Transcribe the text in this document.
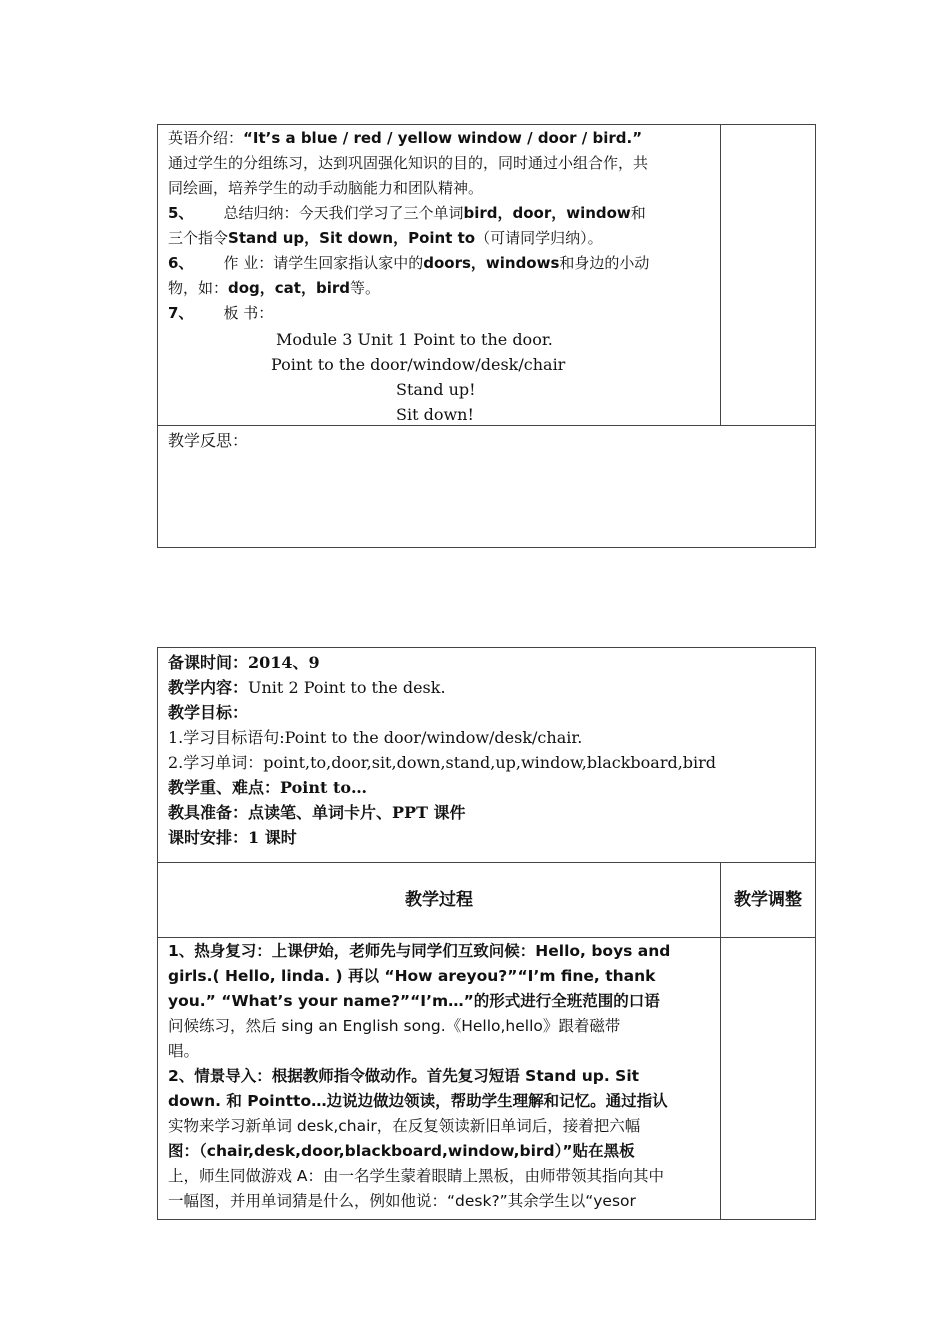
英语介绍：“It’s a blue / red / yellow window / door / bird.”
通过学生的分组练习，达到巩固强化知识的目的，同时通过小组合作，共
同绘画，培养学生的动手动脑能力和团队精神。
5、 总结归纳：今天我们学习了三个单词bird，door，window和
三个指令Stand up，Sit down，Point to（可请同学归纳）。
6、 作 业：请学生回家指认家中的doors，windows和身边的小动
物，如：dog，cat，bird等。
7、 板 书：
Module 3 Unit 1 Point to the door.
Point to the door/window/desk/chair
Stand up!
Sit down!
教学反思：
备课时间：2014、9
教学内容：Unit 2 Point to the desk.
教学目标：
1.学习目标语句:Point to the door/window/desk/chair.
2.学习单词：point,to,door,sit,down,stand,up,window,blackboard,bird
教学重、难点：Point to…
教具准备：点读笔、单词卡片、PPT 课件
课时安排：1 课时
教学过程	教学调整
1、热身复习：上课伊始，老师先与同学们互致问候：Hello, boys and
girls.( Hello, linda. ) 再以 “How areyou?”“I’m fine, thank
you.” “What’s your name?”“I’m…”的形式进行全班范围的口语
问候练习，然后 sing an English song.《Hello,hello》跟着磁带
唱。
2、情景导入：根据教师指令做动作。首先复习短语 Stand up. Sit
down. 和 Pointto…边说边做边领读，帮助学生理解和记忆。通过指认
实物来学习新单词 desk,chair，在反复领读新旧单词后，接着把六幅
图：（chair,desk,door,blackboard,window,bird）”贴在黑板
上，师生同做游戏 A：由一名学生蒙着眼睛上黑板，由师带领其指向其中
一幅图，并用单词猜是什么，例如他说：“desk?”其余学生以“yesor
